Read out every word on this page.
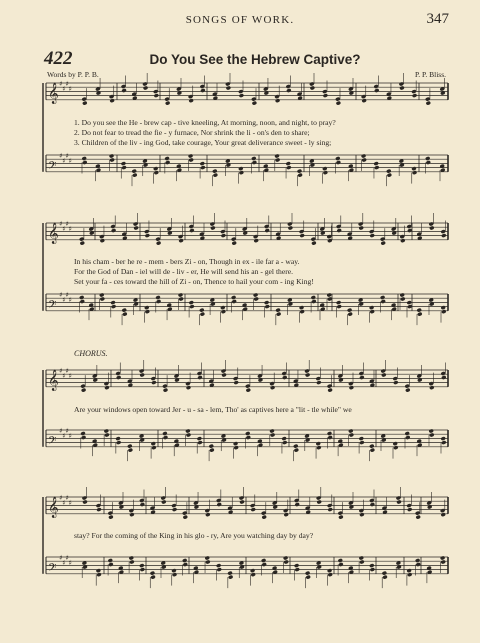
SONGS OF WORK.	347
422	Do You See the Hebrew Captive?
Words by P. P. B.	P. P. Bliss.
CHORUS.
𝄞 ♯
♯
♯
♯
𝄢
♯
♯
♯
♯
𝄞 ♯
♯
♯
♯
𝄢
♯
♯
♯
♯
𝄞 ♯
♯
♯
♯
𝄢
♯
♯
♯
♯
𝄞 ♯
♯
♯
♯
𝄢
♯
♯
♯
♯
1. Do you see the He - brew cap - tive kneeling, At morning, noon, and night, to pray?
2. Do not fear to tread the fie - y furnace, Nor shrink the li - on's den to share;
3. Children of the liv - ing God, take courage, Your great deliverance sweet - ly sing;
In his cham - ber he re - mem - bers Zi - on, Though in ex - ile far a - way.
For the God of Dan - iel will de - liv - er, He will send his an - gel there.
Set your fa - ces toward the hill of Zi - on, Thence to hail your com - ing King!
Are your windows open toward Jer - u - sa - lem, Tho' as captives here a "lit - tle while" we
stay? For the coming of the King in his glo - ry, Are you watching day by day?
